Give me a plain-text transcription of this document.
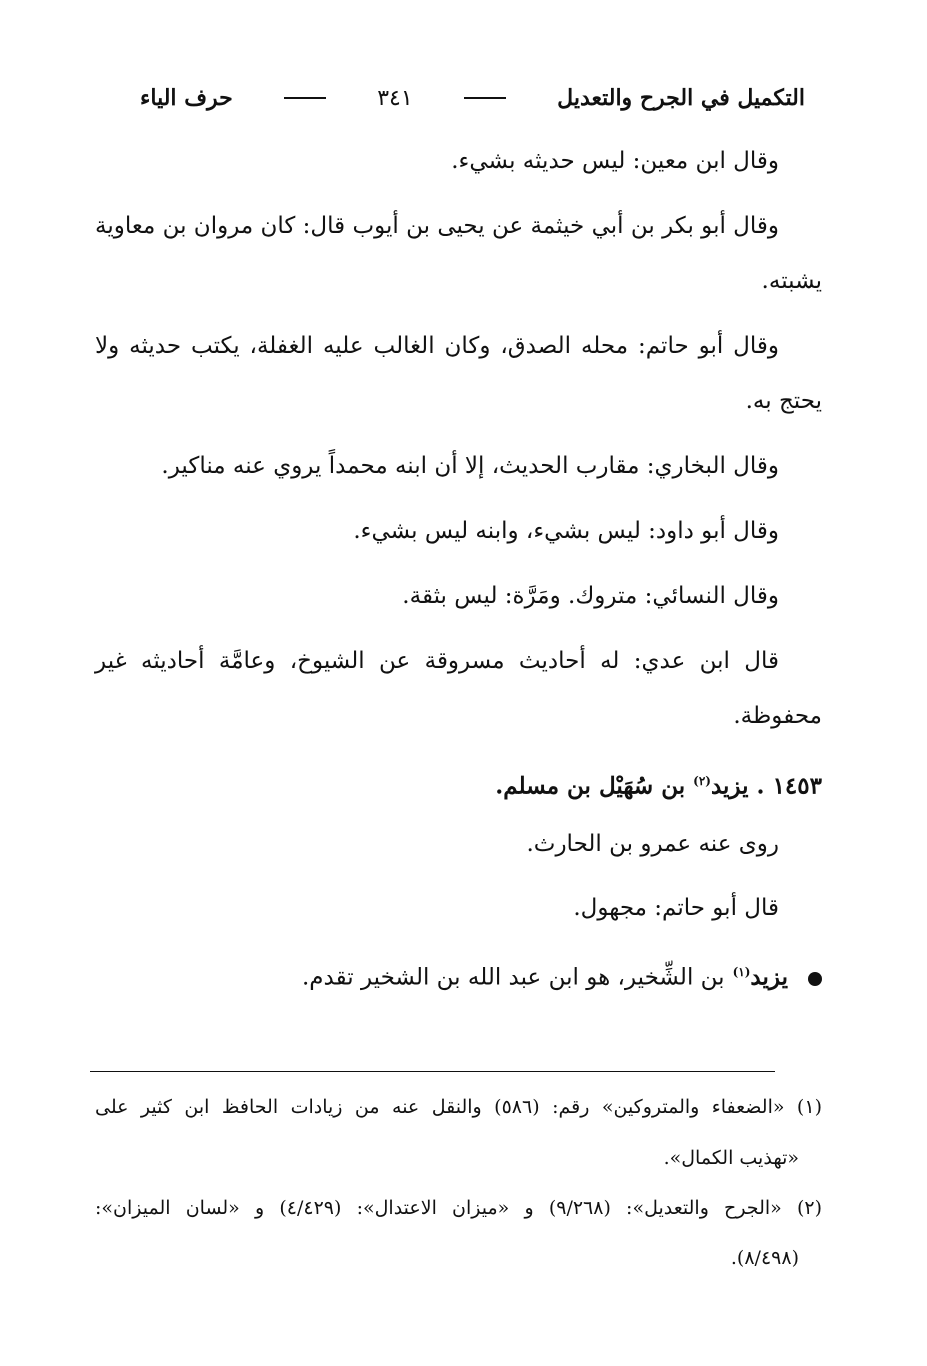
التكميل في الجرح والتعديل
٣٤١
حرف الياء
وقال ابن معين: ليس حديثه بشيء.
وقال أبو بكر بن أبي خيثمة عن يحيى بن أيوب قال: كان مروان بن معاوية
يشبته.
وقال أبو حاتم: محله الصدق، وكان الغالب عليه الغفلة، يكتب حديثه ولا
يحتج به.
وقال البخاري: مقارب الحديث، إلا أن ابنه محمداً يروي عنه مناكير.
وقال أبو داود: ليس بشيء، وابنه ليس بشيء.
وقال النسائي: متروك. ومَرَّة: ليس بثقة.
قال ابن عدي: له أحاديث مسروقة عن الشيوخ، وعامَّة أحاديثه غير
محفوظة.
١٤٥٣ . يزيد$^{(٢)}$ بن سُهَيْل بن مسلم.
روى عنه عمرو بن الحارث.
قال أبو حاتم: مجهول.
يزيد$^{(١)}$ بن الشِّخير، هو ابن عبد الله بن الشخير تقدم.
(١) «الضعفاء والمتروكين» رقم: (٥٨٦) والنقل عنه من زيادات الحافظ ابن كثير على
«تهذيب الكمال».
(٢) «الجرح والتعديل»: (٩/٢٦٨) و «ميزان الاعتدال»: (٤/٤٢٩) و «لسان الميزان»:
(٨/٤٩٨).
